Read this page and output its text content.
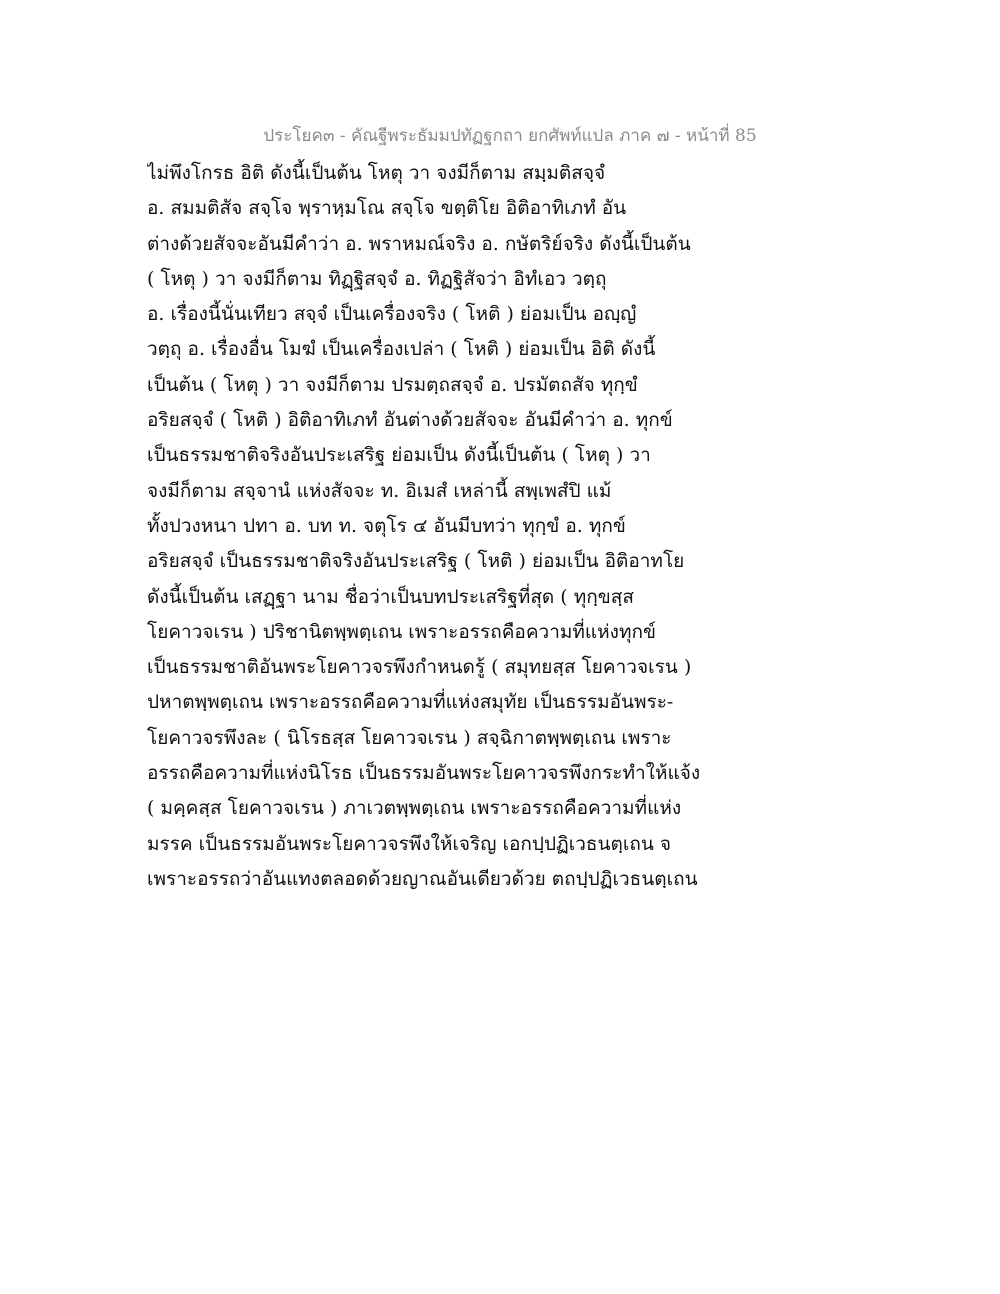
ประโยค๓ - คัณฐีพระธัมมปทัฏฐกถา ยกศัพท์แปล ภาค ๗ - หน้าที่ 85
ไม่พึงโกรธ อิติ ดังนี้เป็นต้น โหตุ วา จงมีก็ตาม สมฺมติสจฺจํ
อ. สมมติสัจ สจฺโจ พฺราหฺมโณ สจฺโจ ขตฺติโย อิติอาทิเภทํ อัน
ต่างด้วยสัจจะอันมีคำว่า อ. พราหมณ์จริง อ. กษัตริย์จริง ดังนี้เป็นต้น
( โหตุ ) วา จงมีก็ตาม ทิฏฺฐิสจฺจํ อ. ทิฏฐิสัจว่า อิทํเอว วตฺถุ
อ. เรื่องนี้นั่นเทียว สจฺจํ เป็นเครื่องจริง ( โหติ ) ย่อมเป็น อญฺญํ
วตฺถุ อ. เรื่องอื่น โมฆํ เป็นเครื่องเปล่า ( โหติ ) ย่อมเป็น อิติ ดังนี้
เป็นต้น ( โหตุ ) วา จงมีก็ตาม ปรมตฺถสจฺจํ อ. ปรมัตถสัจ ทุกฺขํ
อริยสจฺจํ ( โหติ ) อิติอาทิเภทํ อันต่างด้วยสัจจะ อันมีคำว่า อ. ทุกข์
เป็นธรรมชาติจริงอันประเสริฐ ย่อมเป็น ดังนี้เป็นต้น ( โหตุ ) วา
จงมีก็ตาม สจฺจานํ แห่งสัจจะ ท. อิเมสํ เหล่านี้ สพฺเพสํปิ แม้
ทั้งปวงหนา ปทา อ. บท ท. จตุโร ๔ อันมีบทว่า ทุกฺขํ อ. ทุกข์
อริยสจฺจํ เป็นธรรมชาติจริงอันประเสริฐ ( โหติ ) ย่อมเป็น อิติอาทโย
ดังนี้เป็นต้น เสฏฺฐา นาม ชื่อว่าเป็นบทประเสริฐที่สุด ( ทุกฺขสฺส
โยคาวจเรน ) ปริชานิตพฺพตฺเถน เพราะอรรถคือความที่แห่งทุกข์
เป็นธรรมชาติอันพระโยคาวจรพึงกำหนดรู้ ( สมุทยสฺส โยคาวจเรน )
ปหาตพฺพตฺเถน เพราะอรรถคือความที่แห่งสมุทัย เป็นธรรมอันพระ-
โยคาวจรพึงละ ( นิโรธสฺส โยคาวจเรน ) สจฺฉิกาตพฺพตฺเถน เพราะ
อรรถคือความที่แห่งนิโรธ เป็นธรรมอันพระโยคาวจรพึงกระทำให้แจ้ง
( มคฺคสฺส โยคาวจเรน ) ภาเวตพฺพตฺเถน เพราะอรรถคือความที่แห่ง
มรรค เป็นธรรมอันพระโยคาวจรพึงให้เจริญ เอกปฺปฏิเวธนตฺเถน จ
เพราะอรรถว่าอันแทงตลอดด้วยญาณอันเดียวด้วย ตถปฺปฏิเวธนตฺเถน
